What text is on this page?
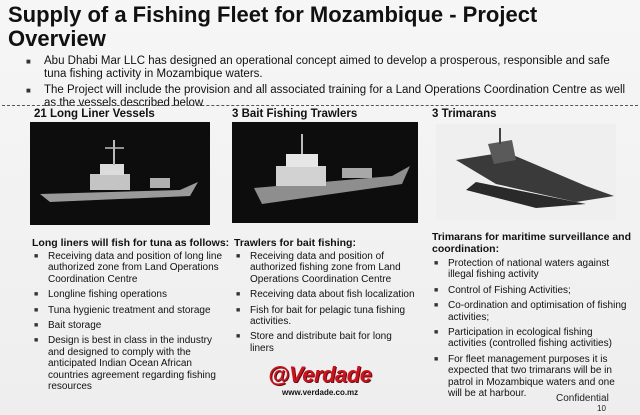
Supply of a Fishing Fleet for Mozambique - Project Overview
■ Abu Dhabi Mar LLC has designed an operational concept aimed to develop a prosperous, responsible and safe tuna fishing activity in Mozambique waters.
■ The Project will include the provision and all associated training for a Land Operations Coordination Centre as well as the vessels described below
21 Long Liner Vessels
Long liners will fish for tuna as follows:
■ Receiving data and position of long line authorized zone from Land Operations Coordination Centre
■ Longline fishing operations
■ Tuna hygienic treatment and storage
■ Bait storage
■ Design is best in class in the industry and designed to comply with the anticipated Indian Ocean African countries agreement regarding fishing resources
3 Bait Fishing Trawlers
Trawlers for bait fishing:
■ Receiving data and position of authorized fishing zone from Land Operations Coordination Centre
■ Receiving data about fish localization
■ Fish for bait for pelagic tuna fishing activities.
■ Store and distribute bait for long liners
3 Trimarans
Trimarans for maritime surveillance and coordination:
■ Protection of national waters against illegal fishing activity
■ Control of Fishing Activities;
■ Co-ordination and optimisation of fishing activities;
■ Participation in ecological fishing activities (controlled fishing activities)
■ For fleet management purposes it is expected that two trimarans will be in patrol in Mozambique waters and one will be at harbour.
@Verdade
www.verdade.co.mz
Confidential
10
